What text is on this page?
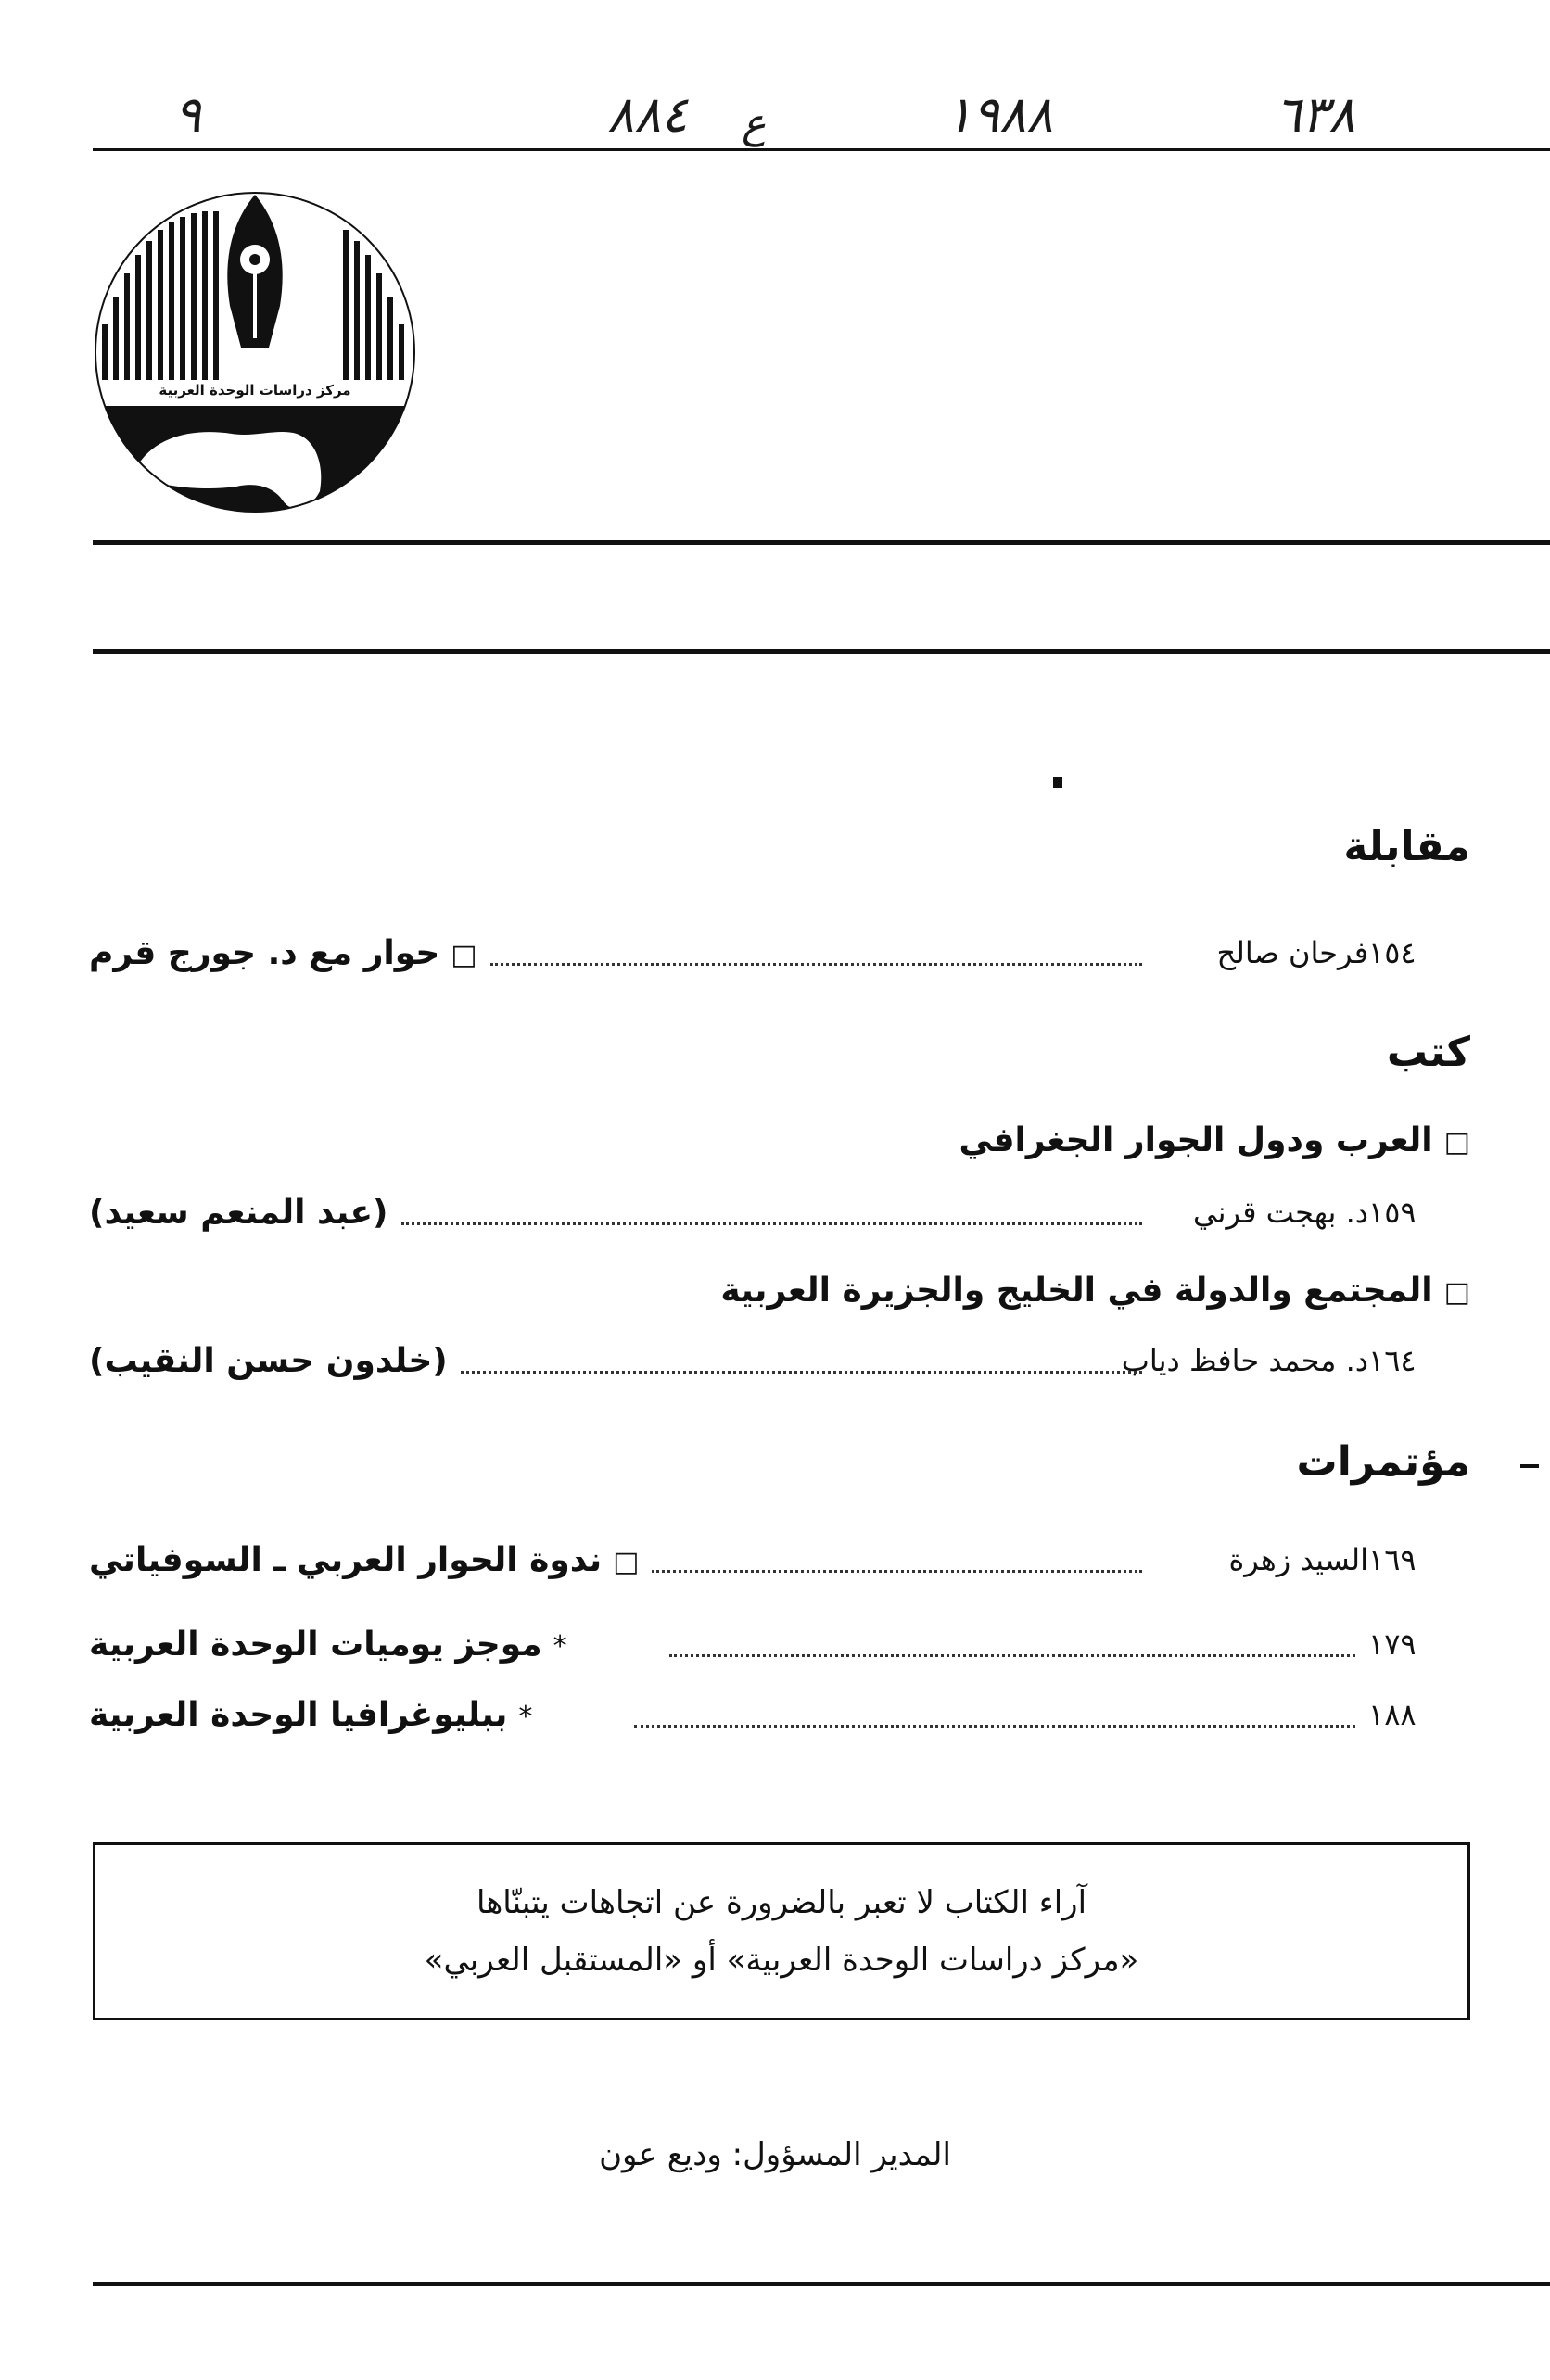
٩	٨٨٤ ع	١٩٨٨	٦٣٨
مركز دراسات الوحدة العربية
مقابلة
□حوار مع د. جورج قرم	فرحان صالح ١٥٤
كتب
□العرب ودول الجوار الجغرافي
(عبد المنعم سعيد)	د. بهجت قرني ١٥٩
□المجتمع والدولة في الخليج والجزيرة العربية
(خلدون حسن النقيب)	د. محمد حافظ دياب ١٦٤
مؤتمرات
□ندوة الحوار العربي ـ السوفياتي	السيد زهرة ١٦٩
*موجز يوميات الوحدة العربية	١٧٩
*ببليوغرافيا الوحدة العربية	١٨٨
آراء الكتاب لا تعبر بالضرورة عن اتجاهات يتبنّاها
«مركز دراسات الوحدة العربية» أو «المستقبل العربي»
المدير المسؤول: وديع عون
